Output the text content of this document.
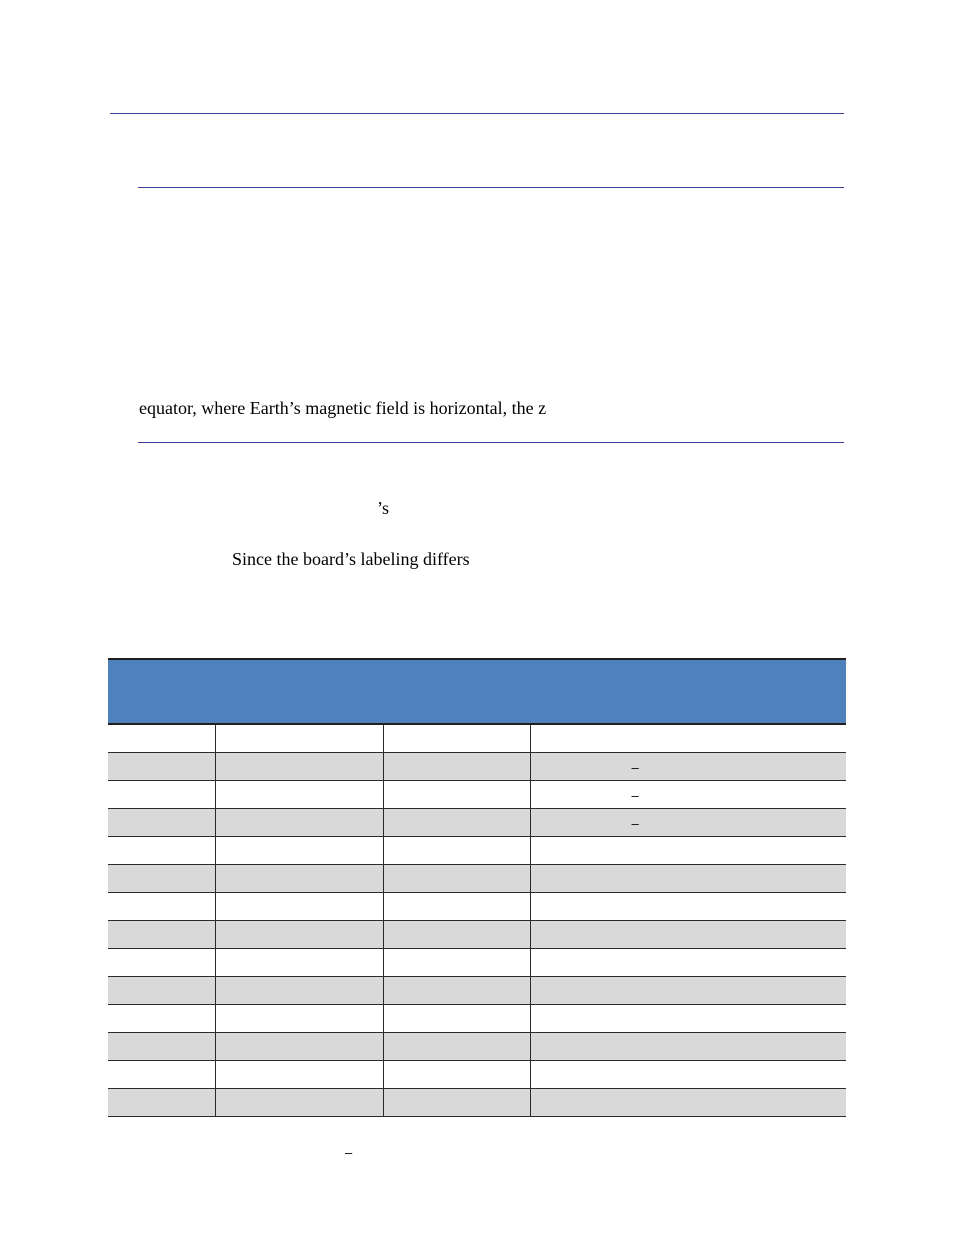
equator, where Earth’s magnetic field is horizontal, the z
’s
Since the board’s labeling differs

			–

			–

			–

–
